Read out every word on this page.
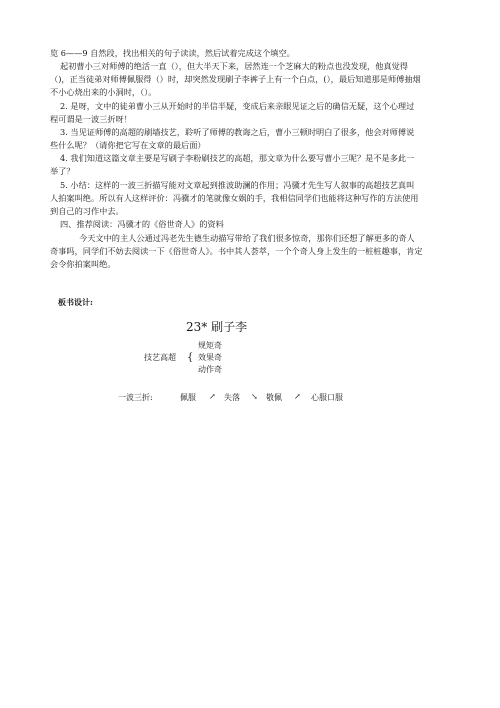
览 6——9 自然段，找出相关的句子读读，然后试着完成这个填空。
起初曹小三对师傅的绝活一直（），但大半天下来，居然连一个芝麻大的粉点也没发现，他真觉得
（)，正当徒弟对师傅佩服得（）时，却突然发现刷子李裤子上有一个白点，(），最后知道那是师傅抽烟
不小心烧出来的小洞时，（）。
2. 是呀，文中的徒弟曹小三从开始时的半信半疑，变成后来亲眼见证之后的确信无疑，这个心理过
程可谓是一波三折呀！
3. 当见证师傅的高超的刷墙技艺，聆听了师傅的教诲之后，曹小三顿时明白了很多，他会对师傅说
些什么呢？（请你把它写在文章的最后面）
4. 我们知道这篇文章主要是写刷子李粉刷技艺的高超，那文章为什么要写曹小三呢？是不是多此一
举了？
5. 小结：这样的一波三折描写能对文章起到推波助澜的作用；冯骥才先生写人叙事的高超技艺真叫
人拍案叫绝。所以有人这样评价：冯骥才的笔就像女娲的手，我相信同学们也能将这种写作的方法使用
到自己的习作中去。
四、推荐阅读：冯骥才的《俗世奇人》的资料
今天文中的主人公通过冯老先生德生动描写带给了我们很多惊奇，那你们还想了解更多的奇人
奇事吗，同学们不妨去阅读一下《俗世奇人》。书中其人荟萃，一个个奇人身上发生的一桩桩趣事，肯定
会令你拍案叫绝。
板书设计:
23* 刷子李
规矩奇
技艺高超 { 效果奇
动作奇
一波三折:	佩服 ↗ 失落 ↘ 敬佩 ↗ 心服口服
